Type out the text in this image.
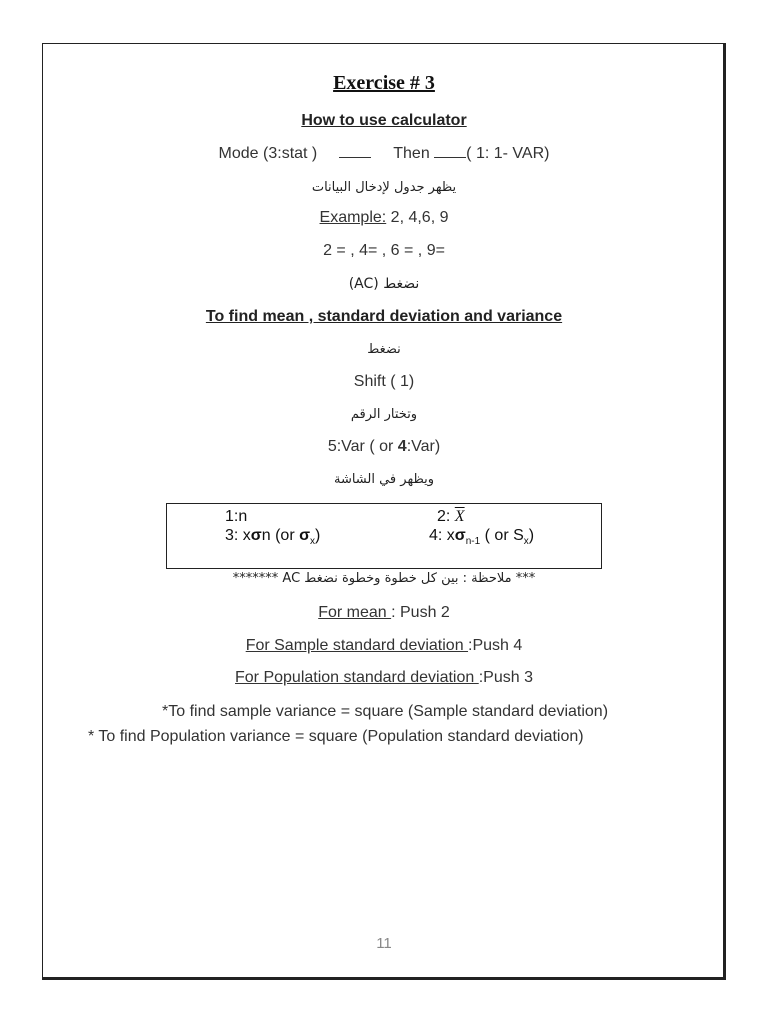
Exercise # 3
How to use calculator
Mode (3:stat )	Then ( 1: 1- VAR)
يظهر جدول لإدخال البيانات
Example: 2, 4,6, 9
2 = , 4= , 6 = , 9=
نضغط (AC)
To find mean , standard deviation and variance
نضغط
Shift ( 1)
وتختار الرقم
5:Var ( or 4:Var)
ويظهر في الشاشة
1:n	2: $\overline{X}$
3: xσn (or $\sigma_x$)	4: $x\sigma_{n-1}$ ( or $S_x$)
*** ملاحظة : بين كل خطوة وخطوة نضغط AC *******
For mean : Push 2
For Sample standard deviation :Push 4
For Population standard deviation :Push 3
*To find sample variance = square (Sample standard deviation)
* To find Population variance = square (Population standard deviation)
11
